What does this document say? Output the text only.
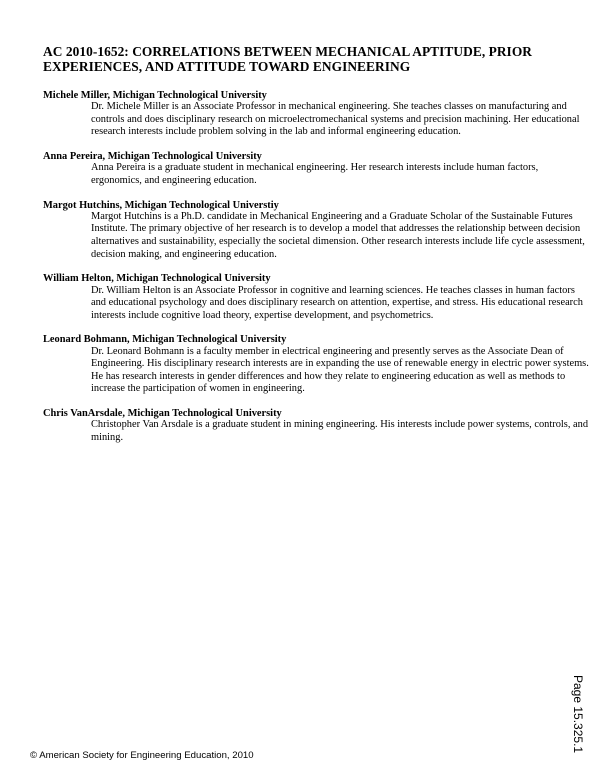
AC 2010-1652: CORRELATIONS BETWEEN MECHANICAL APTITUDE, PRIOR EXPERIENCES, AND ATTITUDE TOWARD ENGINEERING
Michele Miller, Michigan Technological University
Dr. Michele Miller is an Associate Professor in mechanical engineering. She teaches classes on manufacturing and controls and does disciplinary research on microelectromechanical systems and precision machining. Her educational research interests include problem solving in the lab and informal engineering education.
Anna Pereira, Michigan Technological University
Anna Pereira is a graduate student in mechanical engineering. Her research interests include human factors, ergonomics, and engineering education.
Margot Hutchins, Michigan Technological Universtiy
Margot Hutchins is a Ph.D. candidate in Mechanical Engineering and a Graduate Scholar of the Sustainable Futures Institute. The primary objective of her research is to develop a model that addresses the relationship between decision alternatives and sustainability, especially the societal dimension. Other research interests include life cycle assessment, decision making, and engineering education.
William Helton, Michigan Technological University
Dr. William Helton is an Associate Professor in cognitive and learning sciences. He teaches classes in human factors and educational psychology and does disciplinary research on attention, expertise, and stress. His educational research interests include cognitive load theory, expertise development, and psychometrics.
Leonard Bohmann, Michigan Technological University
Dr. Leonard Bohmann is a faculty member in electrical engineering and presently serves as the Associate Dean of Engineering. His disciplinary research interests are in expanding the use of renewable energy in electric power systems. He has research interests in gender differences and how they relate to engineering education as well as methods to increase the participation of women in engineering.
Chris VanArsdale, Michigan Technological University
Christopher Van Arsdale is a graduate student in mining engineering. His interests include power systems, controls, and mining.
Page 15.325.1
© American Society for Engineering Education, 2010
